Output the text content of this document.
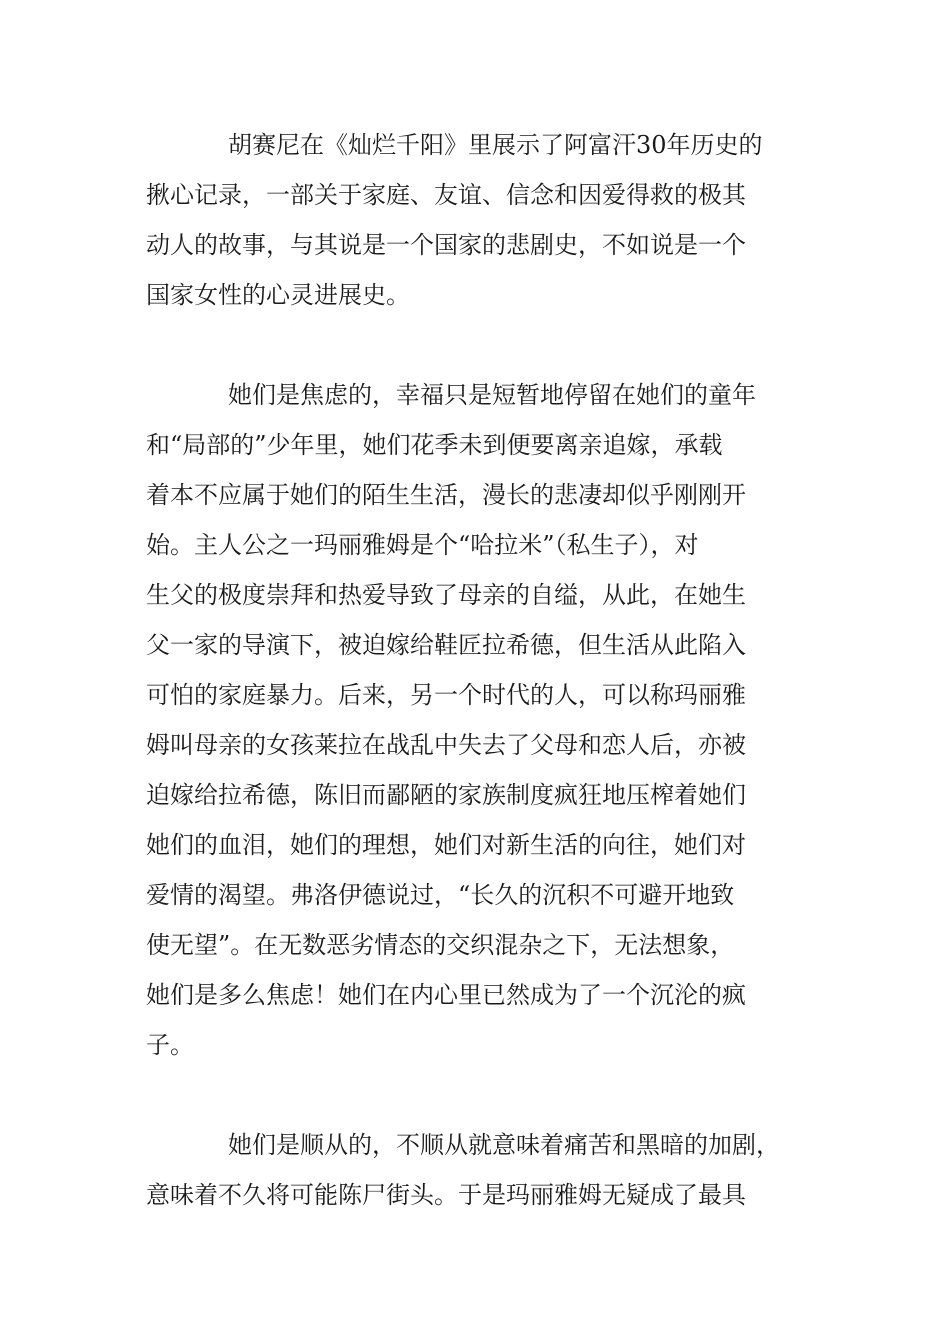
胡赛尼在《灿烂千阳》里展示了阿富汗30年历史的
揪心记录，一部关于家庭、友谊、信念和因爱得救的极其
动人的故事，与其说是一个国家的悲剧史，不如说是一个
国家女性的心灵进展史。

她们是焦虑的，幸福只是短暂地停留在她们的童年
和“局部的”少年里，她们花季未到便要离亲追嫁，承载
着本不应属于她们的陌生生活，漫长的悲凄却似乎刚刚开
始。主人公之一玛丽雅姆是个“哈拉米”（私生子），对
生父的极度崇拜和热爱导致了母亲的自缢，从此，在她生
父一家的导演下，被迫嫁给鞋匠拉希德，但生活从此陷入
可怕的家庭暴力。后来，另一个时代的人，可以称玛丽雅
姆叫母亲的女孩莱拉在战乱中失去了父母和恋人后，亦被
迫嫁给拉希德，陈旧而鄙陋的家族制度疯狂地压榨着她们
她们的血泪，她们的理想，她们对新生活的向往，她们对
爱情的渴望。弗洛伊德说过，“长久的沉积不可避开地致
使无望”。在无数恶劣情态的交织混杂之下，无法想象，
她们是多么焦虑！她们在内心里已然成为了一个沉沦的疯
子。

她们是顺从的，不顺从就意味着痛苦和黑暗的加剧，
意味着不久将可能陈尸街头。于是玛丽雅姆无疑成了最具
